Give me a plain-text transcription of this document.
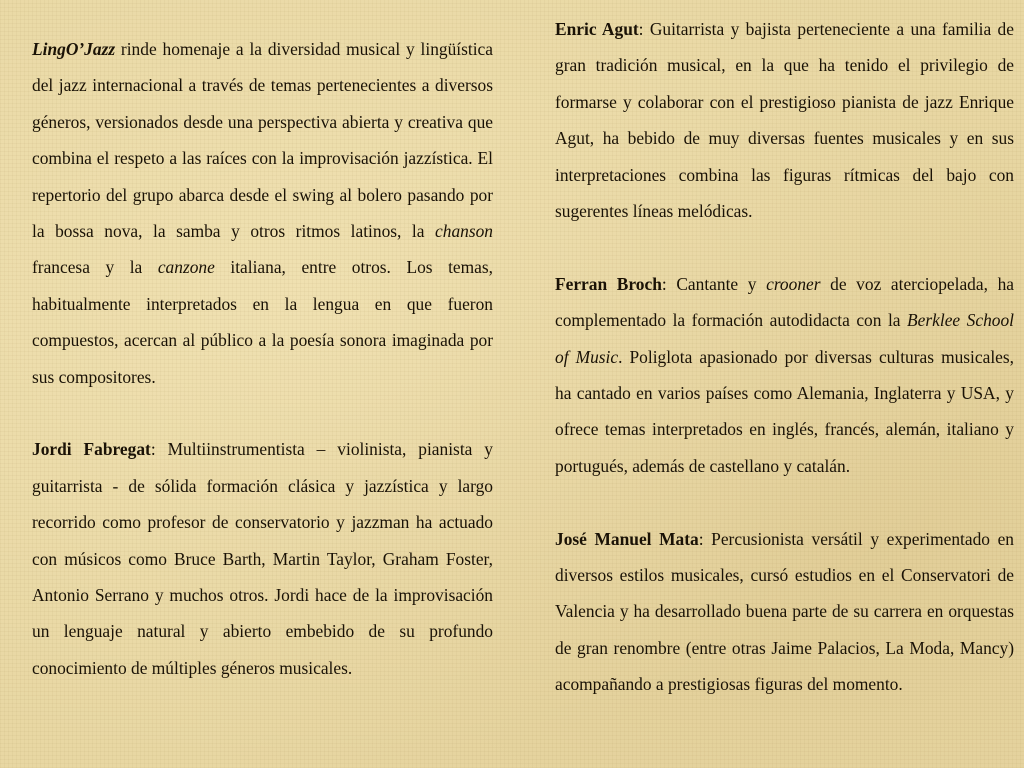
LingO’Jazz rinde homenaje a la diversidad musical y lingüística del jazz internacional a través de temas pertenecientes a diversos géneros, versionados desde una perspectiva abierta y creativa que combina el respeto a las raíces con la improvisación jazzística. El repertorio del grupo abarca desde el swing al bolero pasando por la bossa nova, la samba y otros ritmos latinos, la chanson francesa y la canzone italiana, entre otros. Los temas, habitualmente interpretados en la lengua en que fueron compuestos, acercan al público a la poesía sonora imaginada por sus compositores.

Jordi Fabregat: Multiinstrumentista – violinista, pianista y guitarrista - de sólida formación clásica y jazzística y largo recorrido como profesor de conservatorio y jazzman ha actuado con músicos como Bruce Barth, Martin Taylor, Graham Foster, Antonio Serrano y muchos otros. Jordi hace de la improvisación un lenguaje natural y abierto embebido de su profundo conocimiento de múltiples géneros musicales.

Enric Agut: Guitarrista y bajista perteneciente a una familia de gran tradición musical, en la que ha tenido el privilegio de formarse y colaborar con el prestigioso pianista de jazz Enrique Agut, ha bebido de muy diversas fuentes musicales y en sus interpretaciones combina las figuras rítmicas del bajo con sugerentes líneas melódicas.

Ferran Broch: Cantante y crooner de voz aterciopelada, ha complementado la formación autodidacta con la Berklee School of Music. Poliglota apasionado por diversas culturas musicales, ha cantado en varios países como Alemania, Inglaterra y USA, y ofrece temas interpretados en inglés, francés, alemán, italiano y portugués, además de castellano y catalán.

José Manuel Mata: Percusionista versátil y experimentado en diversos estilos musicales, cursó estudios en el Conservatori de Valencia y ha desarrollado buena parte de su carrera en orquestas de gran renombre (entre otras Jaime Palacios, La Moda, Mancy) acompañando a prestigiosas figuras del momento.
